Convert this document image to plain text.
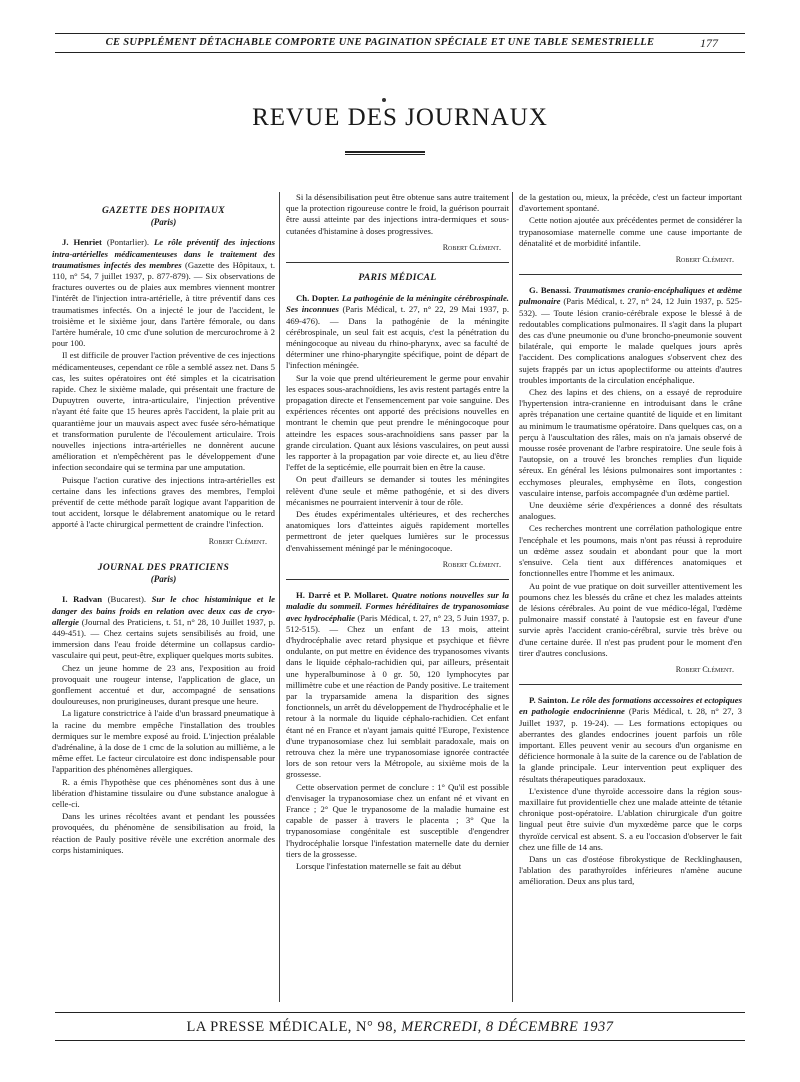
CE SUPPLÉMENT DÉTACHABLE COMPORTE UNE PAGINATION SPÉCIALE ET UNE TABLE SEMESTRIELLE	177
REVUE DES JOURNAUX
GAZETTE DES HOPITAUX
(Paris)

J. Henriet (Pontarlier). Le rôle préventif des injections intra-artérielles médicamenteuses dans le traitement des traumatismes infectés des membres (Gazette des Hôpitaux, t. 110, n° 54, 7 juillet 1937, p. 877-879). — Six observations de fractures ouvertes ou de plaies aux membres viennent montrer l'intérêt de l'injection intra-artérielle, à titre préventif dans ces traumatismes infectés. On a injecté le jour de l'accident, le troisième et le sixième jour, dans l'artère fémorale, ou dans l'artère humérale, 10 cmc d'une solution de mercurochrome à 2 pour 100.

Il est difficile de prouver l'action préventive de ces injections médicamenteuses, cependant ce rôle a semblé assez net. Dans 5 cas, les suites opératoires ont été simples et la cicatrisation rapide. Chez le sixième malade, qui présentait une fracture de Dupuytren ouverte, intra-articulaire, l'injection préventive n'ayant été faite que 15 heures après l'accident, la plaie prit au quarantième jour un mauvais aspect avec fusée séro-hématique et transformation purulente de l'écoulement articulaire. Trois nouvelles injections intra-artérielles ne donnèrent aucune amélioration et n'empêchèrent pas le développement d'une infection secondaire qui se termina par une amputation.

Puisque l'action curative des injections intra-artérielles est certaine dans les infections graves des membres, l'emploi préventif de cette méthode paraît logique avant l'apparition de tout accident, lorsque le délabrement anatomique ou le retard apporté à l'acte chirurgical permettent de craindre l'infection.

Robert Clément.

JOURNAL DES PRATICIENS
(Paris)

I. Radvan (Bucarest). Sur le choc histaminique et le danger des bains froids en relation avec deux cas de cryo-allergie (Journal des Praticiens, t. 51, n° 28, 10 Juillet 1937, p. 449-451). — Chez certains sujets sensibilisés au froid, une immersion dans l'eau froide détermine un collapsus cardio-vasculaire qui peut, peut-être, expliquer quelques morts subites.

Chez un jeune homme de 23 ans, l'exposition au froid provoquait une rougeur intense, l'application de glace, un gonflement accentué et dur, accompagné de sensations douloureuses, non prurigineuses, durant presque une heure.

La ligature constrictrice à l'aide d'un brassard pneumatique à la racine du membre empêche l'installation des troubles dermiques sur le membre exposé au froid. L'injection préalable d'adrénaline, à la dose de 1 cmc de la solution au millième, a le même effet. Le facteur circulatoire est donc indispensable pour l'apparition des phénomènes allergiques.

R. a émis l'hypothèse que ces phénomènes sont dus à une libération d'histamine tissulaire ou d'une substance analogue à celle-ci.

Dans les urines récoltées avant et pendant les poussées provoquées, du phénomène de sensibilisation au froid, la réaction de Pauly positive révèle une excrétion anormale des corps histaminiques.

Si la désensibilisation peut être obtenue sans autre traitement que la protection rigoureuse contre le froid, la guérison pourrait être aussi atteinte par des injections intra-dermiques et sous-cutanées d'histamine à doses progressives.

Robert Clément.

PARIS MÉDICAL

Ch. Dopter. La pathogénie de la méningite cérébrospinale. Ses inconnues (Paris Médical, t. 27, n° 22, 29 Mai 1937, p. 469-476). — Dans la pathogénie de la méningite cérébrospinale, un seul fait est acquis, c'est la pénétration du méningocoque au niveau du rhino-pharynx, avec sa faculté de déterminer une rhino-pharyngite spécifique, point de départ de l'infection méningée.

Sur la voie que prend ultérieurement le germe pour envahir les espaces sous-arachnoïdiens, les avis restent partagés entre la propagation directe et l'ensemencement par voie sanguine. Des expériences récentes ont apporté des précisions nouvelles en montrant le chemin que peut prendre le méningocoque pour atteindre les espaces sous-arachnoïdiens sans passer par la grande circulation. Quant aux lésions vasculaires, on peut aussi les rapporter à la propagation par voie directe et, au lieu d'être l'effet de la septicémie, elle pourrait bien en être la cause.

On peut d'ailleurs se demander si toutes les méningites relèvent d'une seule et même pathogénie, et si des divers mécanismes ne pourraient intervenir à tour de rôle.

Des études expérimentales ultérieures, et des recherches anatomiques lors d'atteintes aiguës rapidement mortelles permettront de jeter quelques lumières sur le processus d'envahissement méningé par le méningocoque.

Robert Clément.

H. Darré et P. Mollaret. Quatre notions nouvelles sur la maladie du sommeil. Formes héréditaires de trypanosomiase avec hydrocéphalie (Paris Médical, t. 27, n° 23, 5 Juin 1937, p. 512-515). — Chez un enfant de 13 mois, atteint d'hydrocéphalie avec retard physique et psychique et fièvre ondulante, on put mettre en évidence des trypanosomes vivants dans le liquide céphalo-rachidien qui, par ailleurs, présentait une hyperalbuminose à 0 gr. 50, 120 lymphocytes par millimètre cube et une réaction de Pandy positive. Le traitement par la tryparsamide amena la disparition des signes fonctionnels, un arrêt du développement de l'hydrocéphalie et le retour à la normale du liquide céphalo-rachidien. Cet enfant étant né en France et n'ayant jamais quitté l'Europe, l'existence d'une trypanosomiase chez lui semblait paradoxale, mais on retrouva chez la mère une trypanosomiase ignorée contractée lors de son retour vers la Métropole, au sixième mois de la grossesse.

Cette observation permet de conclure : 1° Qu'il est possible d'envisager la trypanosomiase chez un enfant né et vivant en France ; 2° Que le trypanosome de la maladie humaine est capable de passer à travers le placenta ; 3° Que la trypanosomiase congénitale est susceptible d'engendrer l'hydrocéphalie lorsque l'infestation maternelle date du dernier tiers de la grossesse.

Lorsque l'infestation maternelle se fait au début

de la gestation ou, mieux, la précède, c'est un facteur important d'avortement spontané.

Cette notion ajoutée aux précédentes permet de considérer la trypanosomiase maternelle comme une cause importante de dénatalité et de morbidité infantile.

Robert Clément.

G. Benassi. Traumatismes cranio-encéphaliques et œdème pulmonaire (Paris Médical, t. 27, n° 24, 12 Juin 1937, p. 525-532). — Toute lésion cranio-cérébrale expose le blessé à de redoutables complications pulmonaires. Il s'agit dans la plupart des cas d'une pneumonie ou d'une broncho-pneumonie souvent bilatérale, qui emporte le malade quelques jours après l'accident. Des complications analogues s'observent chez des sujets frappés par un ictus apoplectiforme ou atteints d'autres troubles importants de la circulation encéphalique.

Chez des lapins et des chiens, on a essayé de reproduire l'hypertension intra-cranienne en introduisant dans le crâne après trépanation une certaine quantité de liquide et en limitant au minimum le traumatisme opératoire. Dans quelques cas, on a perçu à l'auscultation des râles, mais on n'a jamais observé de mousse rosée provenant de l'arbre respiratoire. Une seule fois à l'autopsie, on a trouvé les bronches remplies d'un liquide séreux. En général les lésions pulmonaires sont importantes : ecchymoses pleurales, emphysème en îlots, congestion vasculaire intense, parfois accompagnée d'un œdème partiel.

Une deuxième série d'expériences a donné des résultats analogues.

Ces recherches montrent une corrélation pathologique entre l'encéphale et les poumons, mais n'ont pas réussi à reproduire un œdème assez soudain et abondant pour que la mort s'ensuive. Cela tient aux différences anatomiques et fonctionnelles entre l'homme et les animaux.

Au point de vue pratique on doit surveiller attentivement les poumons chez les blessés du crâne et chez les malades atteints de lésions cérébrales. Au point de vue médico-légal, l'œdème pulmonaire massif constaté à l'autopsie est en faveur d'une survie après l'accident cranio-cérébral, survie très brève ou d'une certaine durée. Il n'est pas prudent pour le moment d'en tirer d'autres conclusions.

Robert Clément.

P. Sainton. Le rôle des formations accessoires et ectopiques en pathologie endocrinienne (Paris Médical, t. 28, n° 27, 3 Juillet 1937, p. 19-24). — Les formations ectopiques ou aberrantes des glandes endocrines jouent parfois un rôle important. Elles peuvent venir au secours d'un organisme en déficience hormonale à la suite de la carence ou de l'ablation de la glande principale. Leur intervention peut expliquer des résultats thérapeutiques paradoxaux.

L'existence d'une thyroïde accessoire dans la région sous-maxillaire fut providentielle chez une malade atteinte de tétanie chronique post-opératoire. L'ablation chirurgicale d'un goitre lingual peut être suivie d'un myxœdème parce que le corps thyroïde cervical est absent. S. a eu l'occasion d'observer le fait chez une fille de 14 ans.

Dans un cas d'ostéose fibrokystique de Recklinghausen, l'ablation des parathyroïdes inférieures n'amène aucune amélioration. Deux ans plus tard,

LA PRESSE MÉDICALE, N° 98, MERCREDI, 8 DÉCEMBRE 1937
